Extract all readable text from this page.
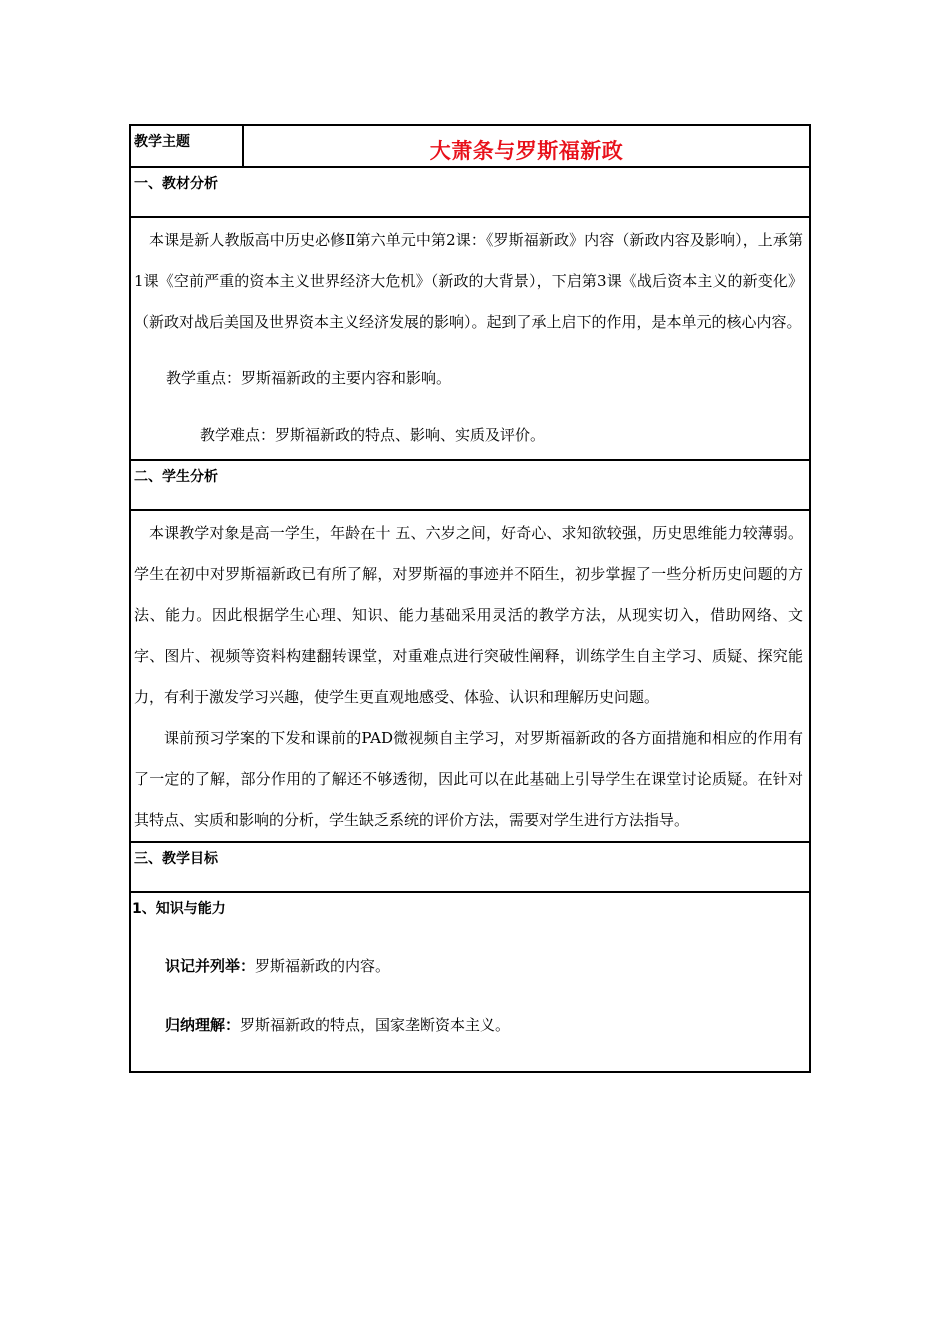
教学主题	大萧条与罗斯福新政

一、教材分析

本课是新人教版高中历史必修Ⅱ第六单元中第2课：《罗斯福新政》内容（新政内容及影响），上承第1课《空前严重的资本主义世界经济大危机》（新政的大背景），下启第3课《战后资本主义的新变化》（新政对战后美国及世界资本主义经济发展的影响）。起到了承上启下的作用，是本单元的核心内容。

教学重点：罗斯福新政的主要内容和影响。

教学难点：罗斯福新政的特点、影响、实质及评价。

二、学生分析

本课教学对象是高一学生，年龄在十 五、六岁之间，好奇心、求知欲较强，历史思维能力较薄弱。学生在初中对罗斯福新政已有所了解，对罗斯福的事迹并不陌生，初步掌握了一些分析历史问题的方 法、能力。因此根据学生心理、知识、能力基础采用灵活的教学方法，从现实切入，借助网络、文字、图片、视频等资料构建翻转课堂，对重难点进行突破性阐释，训练学生自主学习、质疑、探究能力，有利于激发学习兴趣，使学生更直观地感受、体验、认识和理解历史问题。

课前预习学案的下发和课前的PAD微视频自主学习，对罗斯福新政的各方面措施和相应的作用有了一定的了解，部分作用的了解还不够透彻，因此可以在此基础上引导学生在课堂讨论质疑。在针对其特点、实质和影响的分析，学生缺乏系统的评价方法，需要对学生进行方法指导。

三、教学目标

1、知识与能力

识记并列举：罗斯福新政的内容。

归纳理解：罗斯福新政的特点，国家垄断资本主义。
